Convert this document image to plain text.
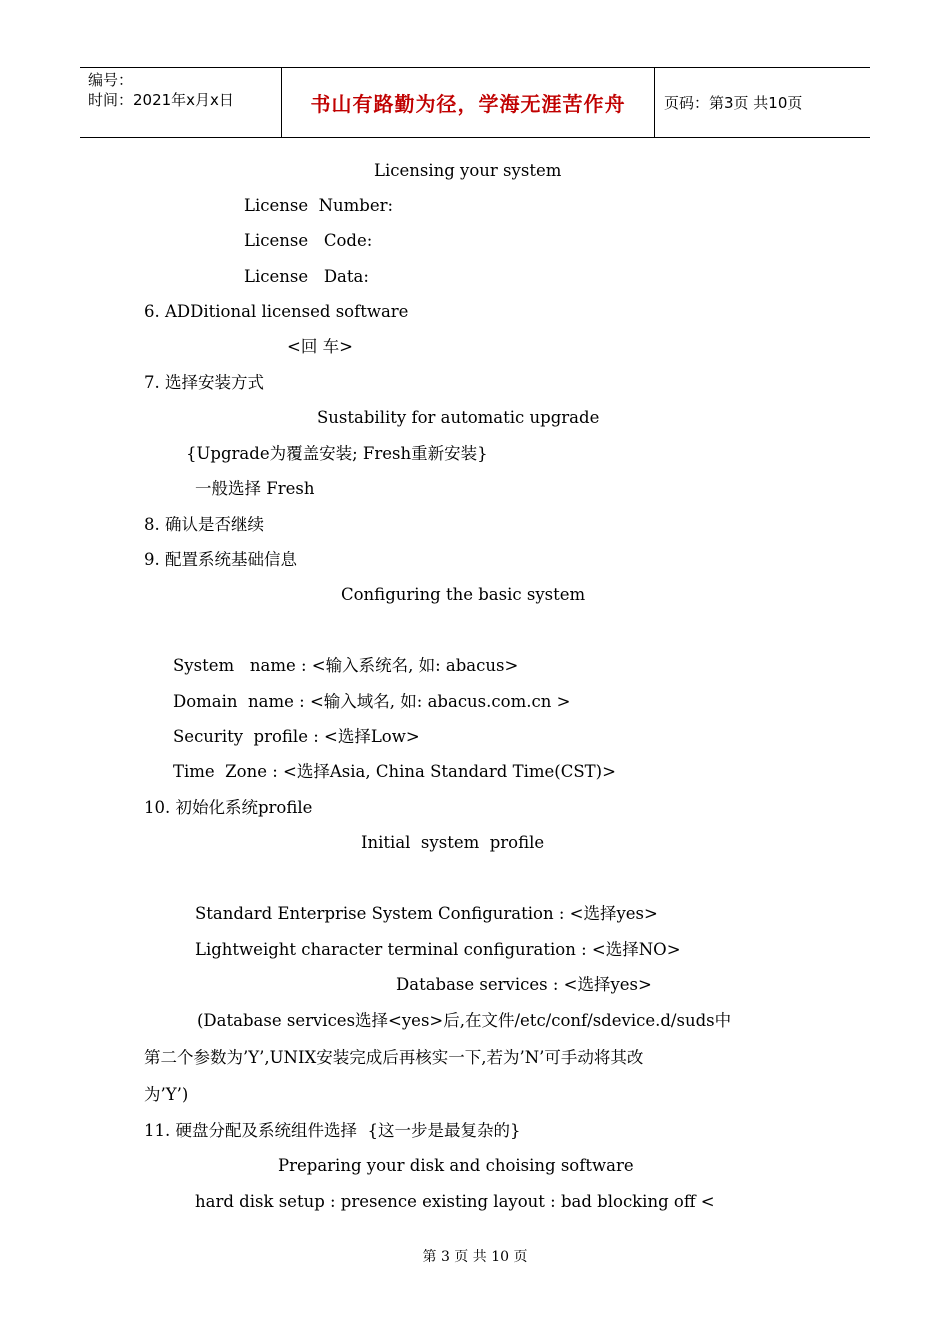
编号：
时间：2021年x月x日	书山有路勤为径，学海无涯苦作舟	页码：第3页 共10页
Licensing your system
License  Number:
License   Code:
License   Data:
6. ADDitional licensed software
<回 车>
7. 选择安装方式
Sustability for automatic upgrade
{Upgrade为覆盖安装; Fresh重新安装}
一般选择 Fresh
8. 确认是否继续
9. 配置系统基础信息
Configuring the basic system
System   name : <输入系统名, 如: abacus>
Domain  name : <输入域名, 如: abacus.com.cn >
Security  profile : <选择Low>
Time  Zone : <选择Asia, China Standard Time(CST)>
10. 初始化系统profile
Initial  system  profile
Standard Enterprise System Configuration : <选择yes>
Lightweight character terminal configuration : <选择NO>
Database services : <选择yes>
(Database services选择<yes>后,在文件/etc/conf/sdevice.d/suds中
第二个参数为’Y’,UNIX安装完成后再核实一下,若为’N’可手动将其改
为’Y’)
11. 硬盘分配及系统组件选择  {这一步是最复杂的}
Preparing your disk and choising software
hard disk setup : presence existing layout : bad blocking off <
第 3 页 共 10 页
